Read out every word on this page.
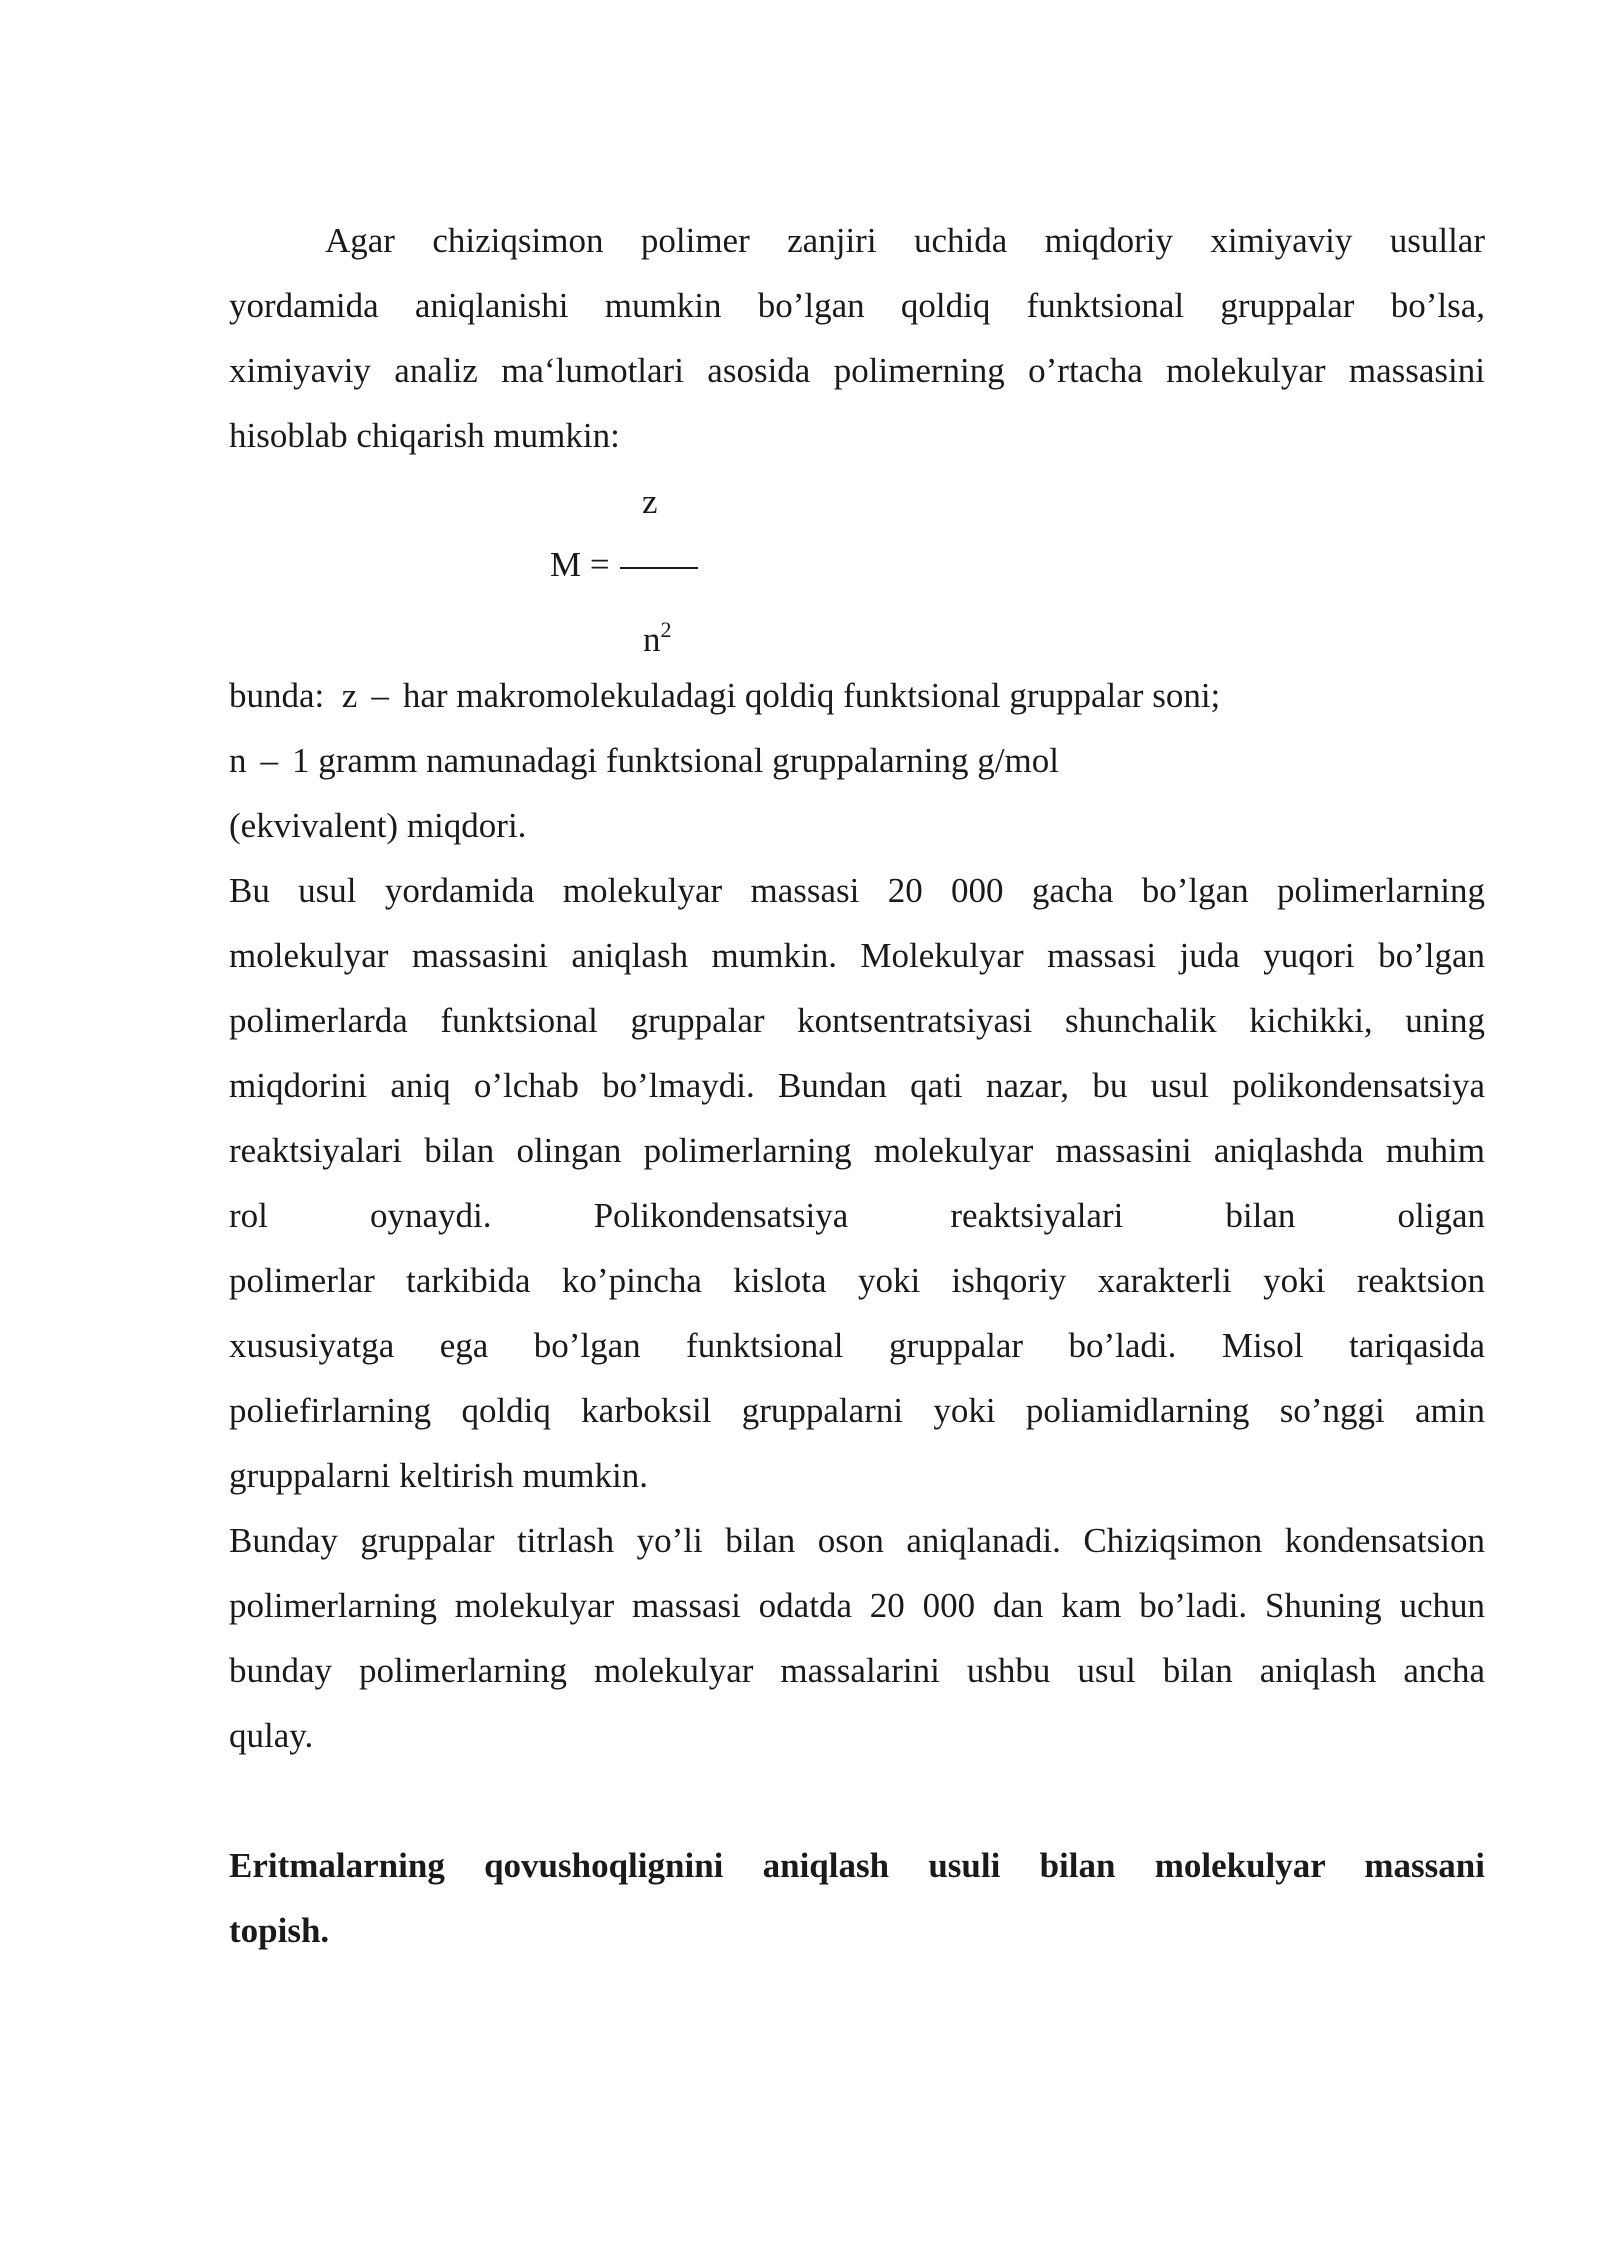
Agar chiziqsimon polimer zanjiri uchida miqdoriy ximiyaviy usullar
yordamida aniqlanishi mumkin bo’lgan qoldiq funktsional gruppalar bo’lsa,
ximiyaviy analiz ma‘lumotlari asosida polimerning o’rtacha molekulyar massasini
hisoblab chiqarish mumkin:
z
M =
$n^2$
bunda: z – har makromolekuladagi qoldiq funktsional gruppalar soni;
n – 1 gramm namunadagi funktsional gruppalarning g/mol
(ekvivalent) miqdori.
Bu usul yordamida molekulyar massasi 20 000 gacha bo’lgan polimerlarning
molekulyar massasini aniqlash mumkin. Molekulyar massasi juda yuqori bo’lgan
polimerlarda funktsional gruppalar kontsentratsiyasi shunchalik kichikki, uning
miqdorini aniq o’lchab bo’lmaydi. Bundan qati nazar, bu usul polikondensatsiya
reaktsiyalari bilan olingan polimerlarning molekulyar massasini aniqlashda muhim
rol oynaydi. Polikondensatsiya reaktsiyalari bilan oligan
polimerlar tarkibida ko’pincha kislota yoki ishqoriy xarakterli yoki reaktsion
xususiyatga ega bo’lgan funktsional gruppalar bo’ladi. Misol tariqasida
poliefirlarning qoldiq karboksil gruppalarni yoki poliamidlarning so’nggi amin
gruppalarni keltirish mumkin.
Bunday gruppalar titrlash yo’li bilan oson aniqlanadi. Chiziqsimon kondensatsion
polimerlarning molekulyar massasi odatda 20 000 dan kam bo’ladi. Shuning uchun
bunday polimerlarning molekulyar massalarini ushbu usul bilan aniqlash ancha
qulay.
Eritmalarning qovushoqlignini aniqlash usuli bilan molekulyar massani
topish.
